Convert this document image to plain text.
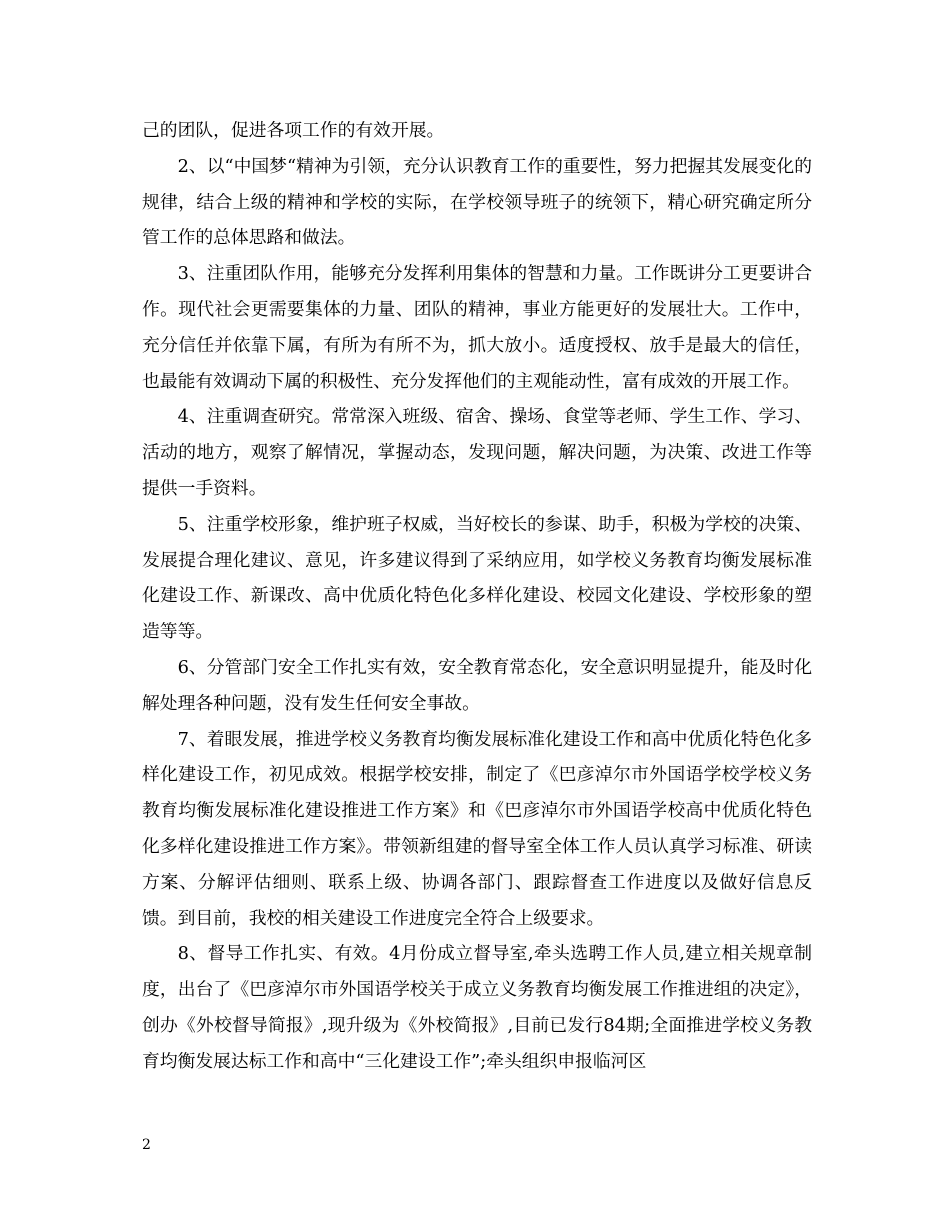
己的团队，促进各项工作的有效开展。

2、以“中国梦“精神为引领，充分认识教育工作的重要性，努力把握其发展变化的规律，结合上级的精神和学校的实际，在学校领导班子的统领下，精心研究确定所分管工作的总体思路和做法。

3、注重团队作用，能够充分发挥利用集体的智慧和力量。工作既讲分工更要讲合作。现代社会更需要集体的力量、团队的精神，事业方能更好的发展壮大。工作中，充分信任并依靠下属，有所为有所不为，抓大放小。适度授权、放手是最大的信任，也最能有效调动下属的积极性、充分发挥他们的主观能动性，富有成效的开展工作。

4、注重调查研究。常常深入班级、宿舍、操场、食堂等老师、学生工作、学习、活动的地方，观察了解情况，掌握动态，发现问题，解决问题，为决策、改进工作等提供一手资料。

5、注重学校形象，维护班子权威，当好校长的参谋、助手，积极为学校的决策、发展提合理化建议、意见，许多建议得到了采纳应用，如学校义务教育均衡发展标准化建设工作、新课改、高中优质化特色化多样化建设、校园文化建设、学校形象的塑造等等。

6、分管部门安全工作扎实有效，安全教育常态化，安全意识明显提升，能及时化解处理各种问题，没有发生任何安全事故。

7、着眼发展，推进学校义务教育均衡发展标准化建设工作和高中优质化特色化多样化建设工作，初见成效。根据学校安排，制定了《巴彦淖尔市外国语学校学校义务教育均衡发展标准化建设推进工作方案》和《巴彦淖尔市外国语学校高中优质化特色化多样化建设推进工作方案》。带领新组建的督导室全体工作人员认真学习标准、研读方案、分解评估细则、联系上级、协调各部门、跟踪督查工作进度以及做好信息反馈。到目前，我校的相关建设工作进度完全符合上级要求。

8、督导工作扎实、有效。4月份成立督导室,牵头选聘工作人员,建立相关规章制度，出台了《巴彦淖尔市外国语学校关于成立义务教育均衡发展工作推进组的决定》，创办《外校督导简报》,现升级为《外校简报》,目前已发行84期;全面推进学校义务教育均衡发展达标工作和高中“三化建设工作”;牵头组织申报临河区

2
